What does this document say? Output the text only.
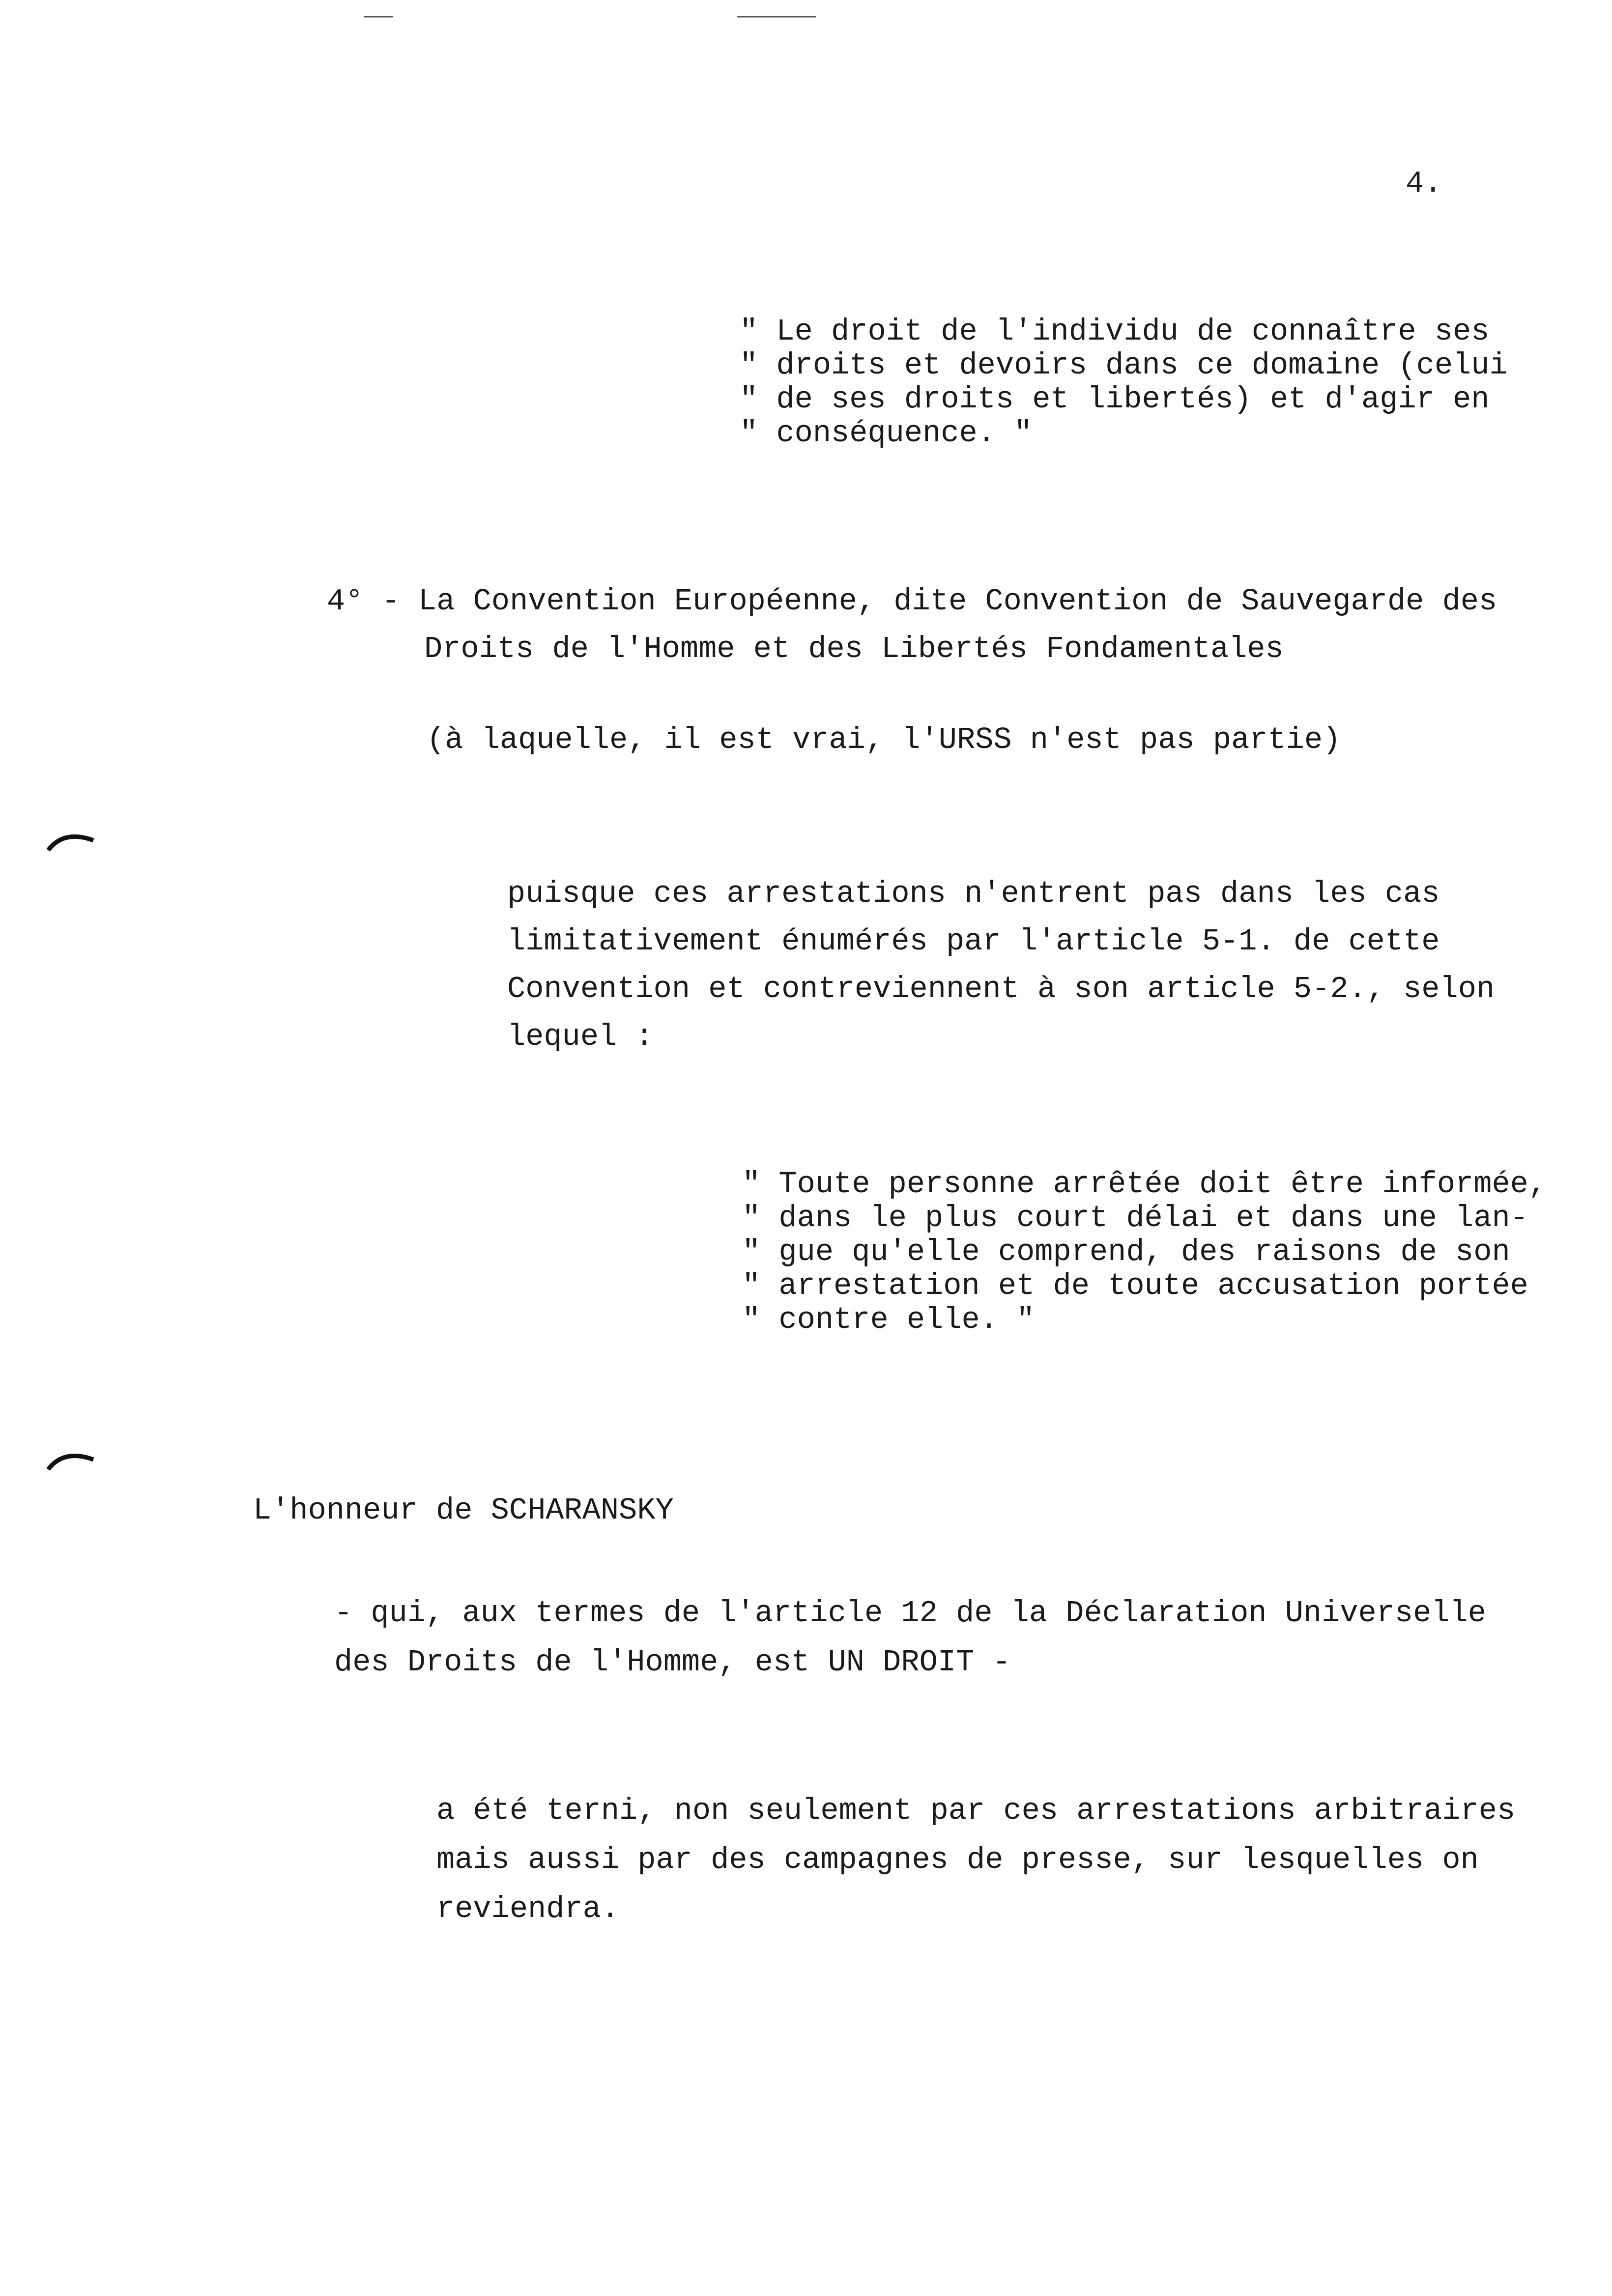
4.
" Le droit de l'individu de connaître ses
" droits et devoirs dans ce domaine (celui
" de ses droits et libertés) et d'agir en
" conséquence. "
4° - La Convention Européenne, dite Convention de Sauvegarde des
Droits de l'Homme et des Libertés Fondamentales
(à laquelle, il est vrai, l'URSS n'est pas partie)
puisque ces arrestations n'entrent pas dans les cas
limitativement énumérés par l'article 5-1. de cette
Convention et contreviennent à son article 5-2., selon
lequel :
" Toute personne arrêtée doit être informée,
" dans le plus court délai et dans une lan-
" gue qu'elle comprend, des raisons de son
" arrestation et de toute accusation portée
" contre elle. "
L'honneur de SCHARANSKY
- qui, aux termes de l'article 12 de la Déclaration Universelle
des Droits de l'Homme, est UN DROIT -
a été terni, non seulement par ces arrestations arbitraires
mais aussi par des campagnes de presse, sur lesquelles on
reviendra.
